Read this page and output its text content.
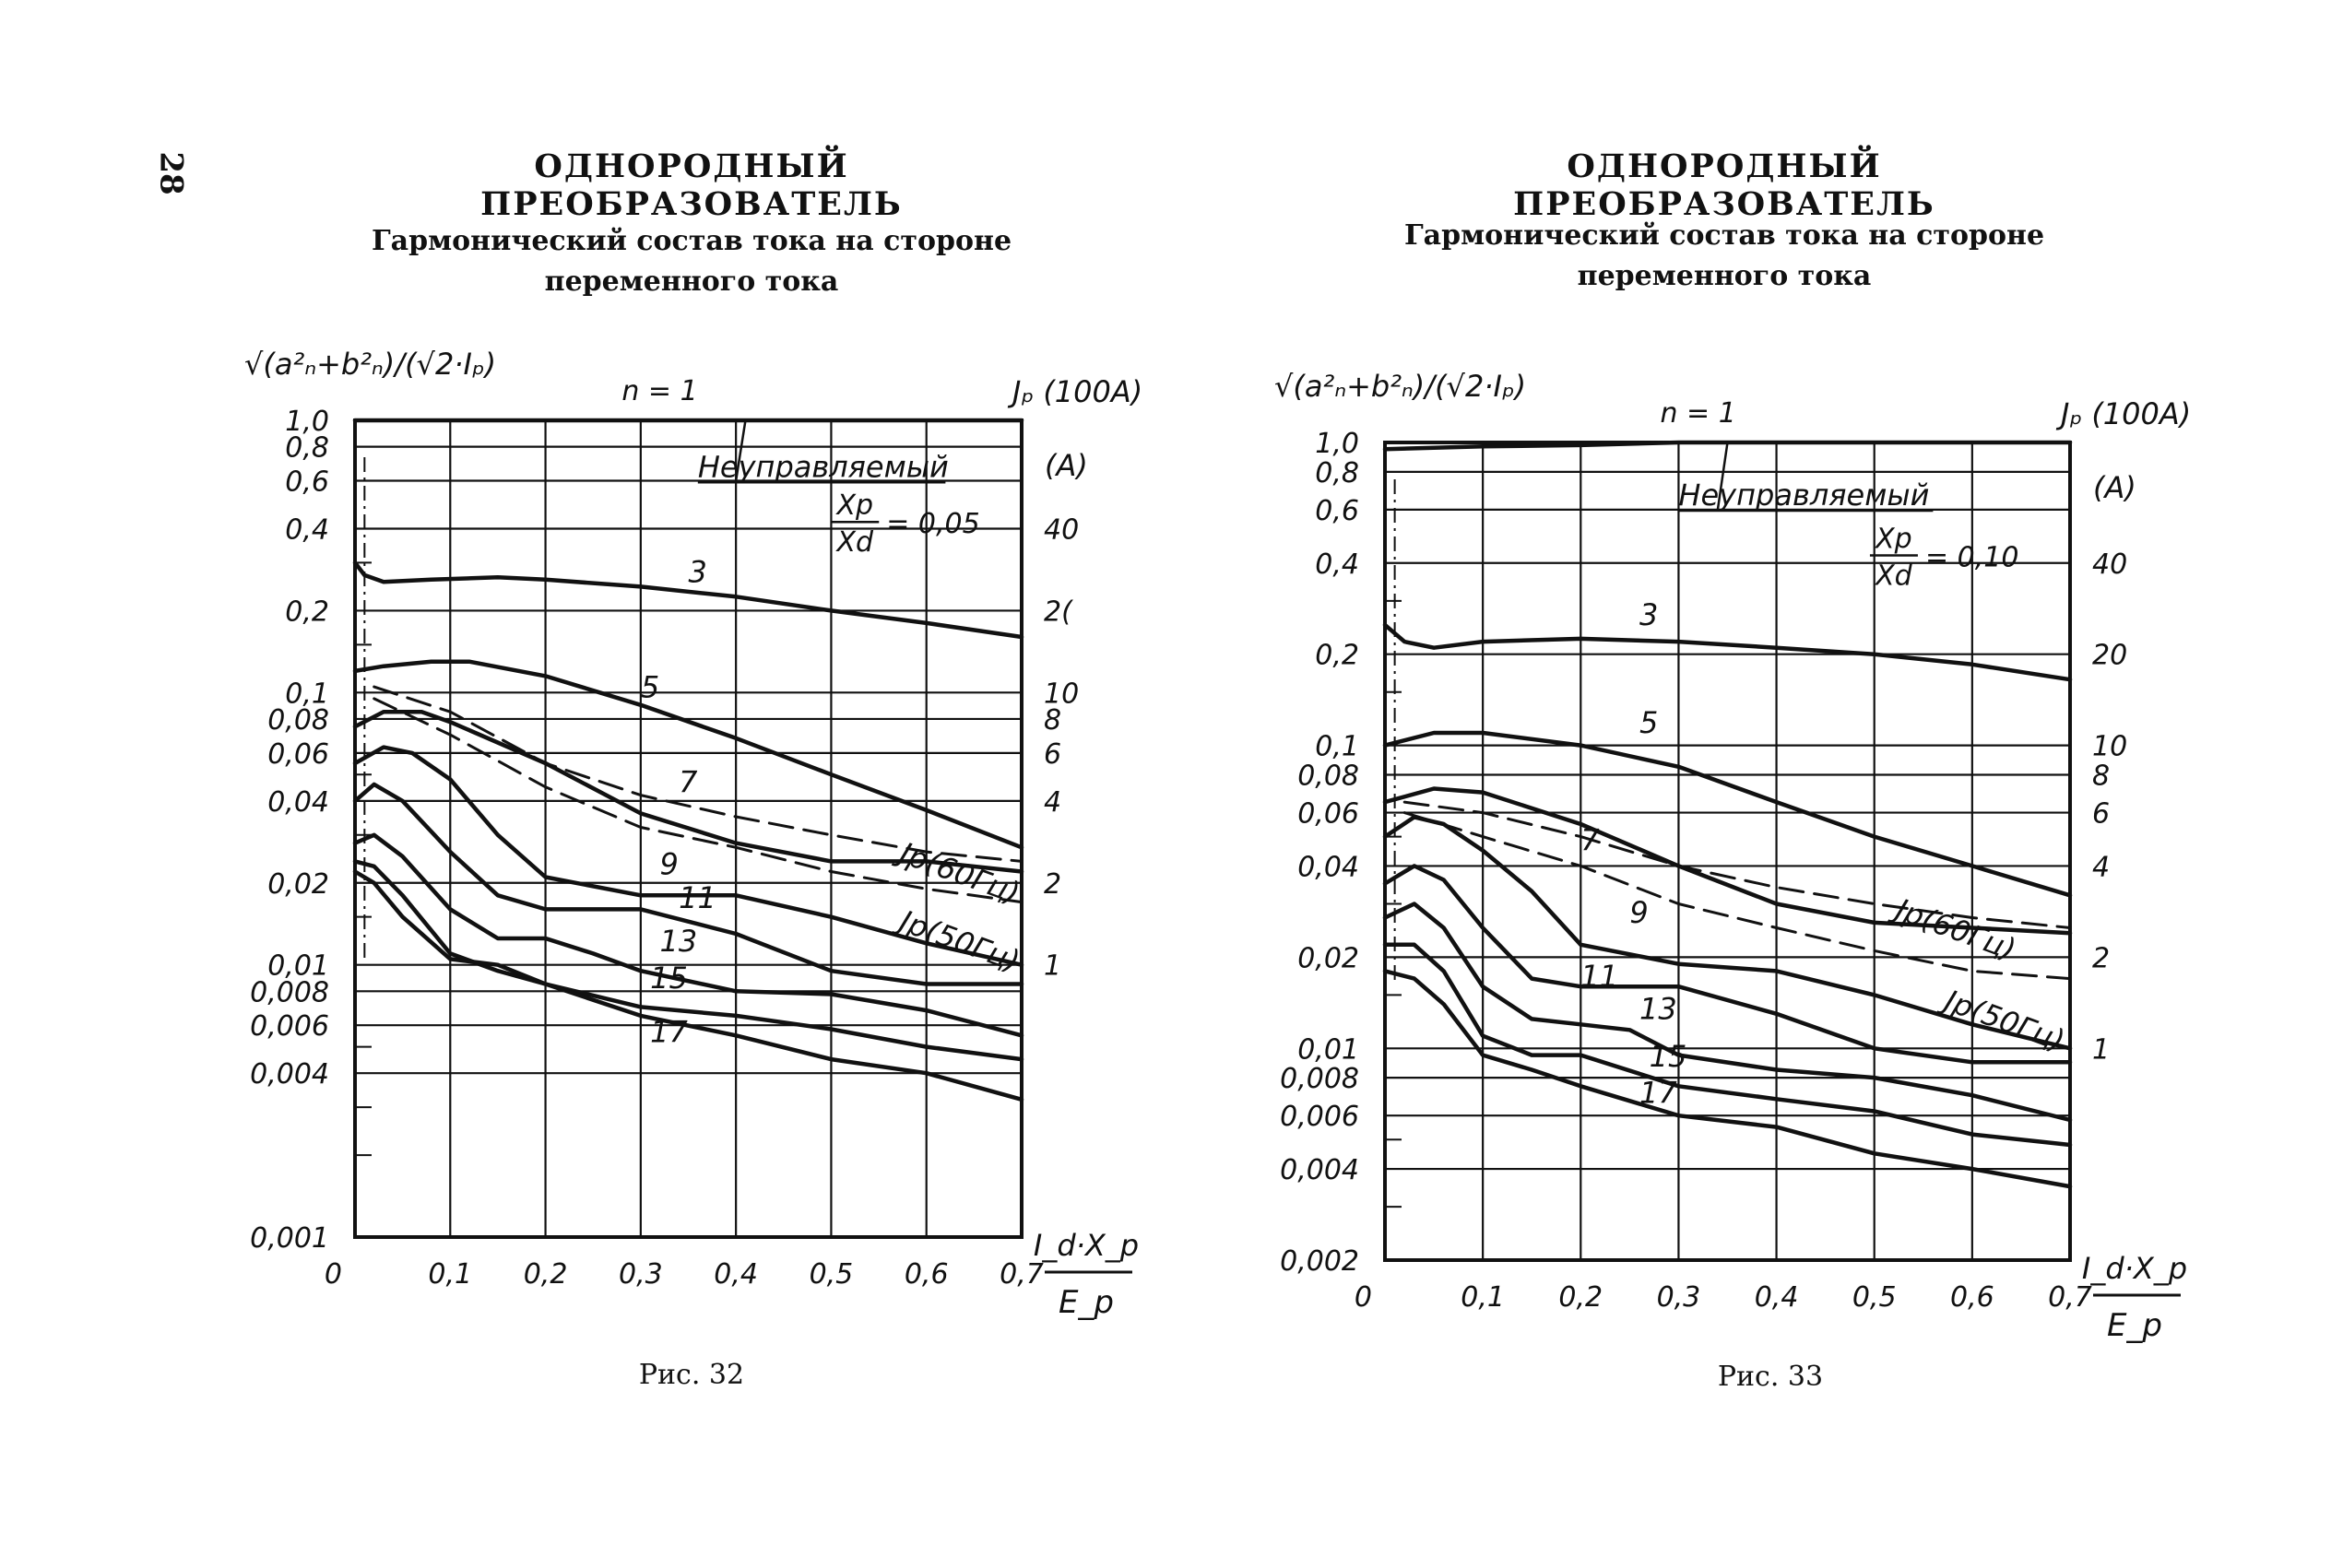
28	ОДНОРОДНЫЙ ПРЕОБРАЗОВАТЕЛЬ
ОДНОРОДНЫЙ ПРЕОБРАЗОВАТЕЛЬ
Гармонический состав тока на стороне
переменного тока
Гармонический состав тока на стороне
переменного тока
1,0
0,8
0,6
0,4
0,2
0,1
0,08
0,06
0,04
0,02
0,01
0,008
0,006
0,004
0,001
40
2(
10
8
6
4
2
1
0	0,1 0,2 0,3 0,4 0,5 0,6 0,7
√(a²ₙ+b²ₙ)/(√2·Iₚ)
Jₚ (100A)
(A)
I_d·X_p
E_p
n = 1
Неуправляемый
Xp
Xd
= 0,05
3
5
7
9
11
13
15
17
Jp(60Гц)
Jp(50Гц)
1,0
0,8
0,6
0,4
0,2
0,1
0,08
0,06
0,04
0,02
0,01
0,008
0,006
0,004
0,002
40
20
10
8
6
4
2
1
0	0,1 0,2 0,3 0,4 0,5 0,6 0,7
√(a²ₙ+b²ₙ)/(√2·Iₚ)
Jₚ (100A)
(A)
I_d·X_p
E_p
n = 1
Неуправляемый
Xp
Xd
= 0,10
3
5
7
9
11
13
15
17
Jp(60Гц)
Jp(50Гц)
Рис. 32	Рис. 33
